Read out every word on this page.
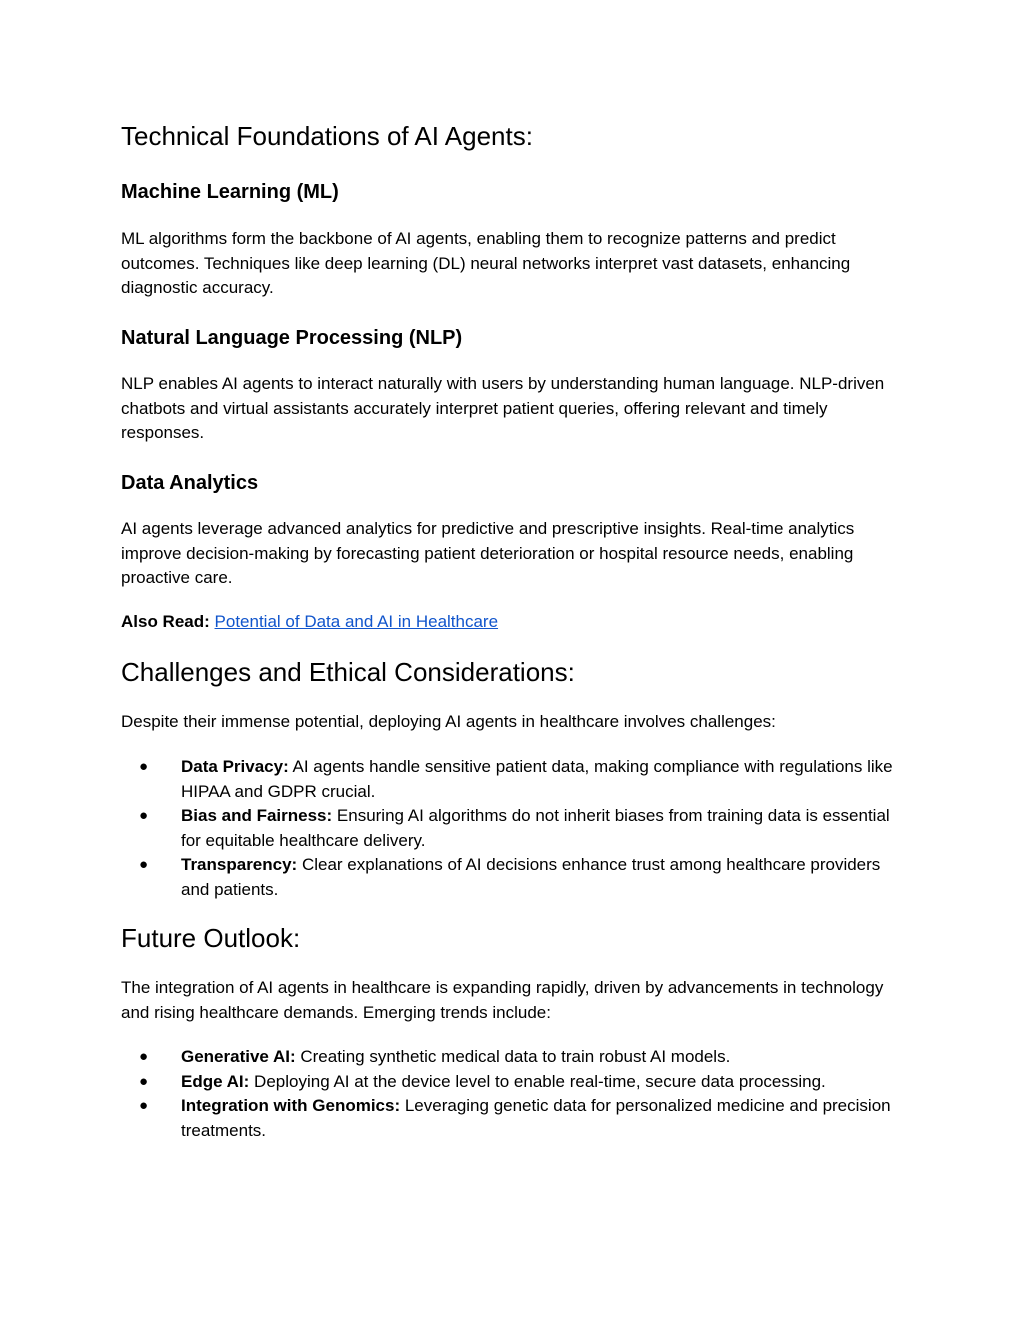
Technical Foundations of AI Agents:
Machine Learning (ML)

ML algorithms form the backbone of AI agents, enabling them to recognize patterns and predict outcomes. Techniques like deep learning (DL) neural networks interpret vast datasets, enhancing diagnostic accuracy.

Natural Language Processing (NLP)

NLP enables AI agents to interact naturally with users by understanding human language. NLP-driven chatbots and virtual assistants accurately interpret patient queries, offering relevant and timely responses.

Data Analytics

AI agents leverage advanced analytics for predictive and prescriptive insights. Real-time analytics improve decision-making by forecasting patient deterioration or hospital resource needs, enabling proactive care.

Also Read: Potential of Data and AI in Healthcare

Challenges and Ethical Considerations:

Despite their immense potential, deploying AI agents in healthcare involves challenges:

● Data Privacy: AI agents handle sensitive patient data, making compliance with regulations like HIPAA and GDPR crucial.
● Bias and Fairness: Ensuring AI algorithms do not inherit biases from training data is essential for equitable healthcare delivery.
● Transparency: Clear explanations of AI decisions enhance trust among healthcare providers and patients.
Future Outlook:

The integration of AI agents in healthcare is expanding rapidly, driven by advancements in technology and rising healthcare demands. Emerging trends include:

● Generative AI: Creating synthetic medical data to train robust AI models.
● Edge AI: Deploying AI at the device level to enable real-time, secure data processing.
● Integration with Genomics: Leveraging genetic data for personalized medicine and precision treatments.
